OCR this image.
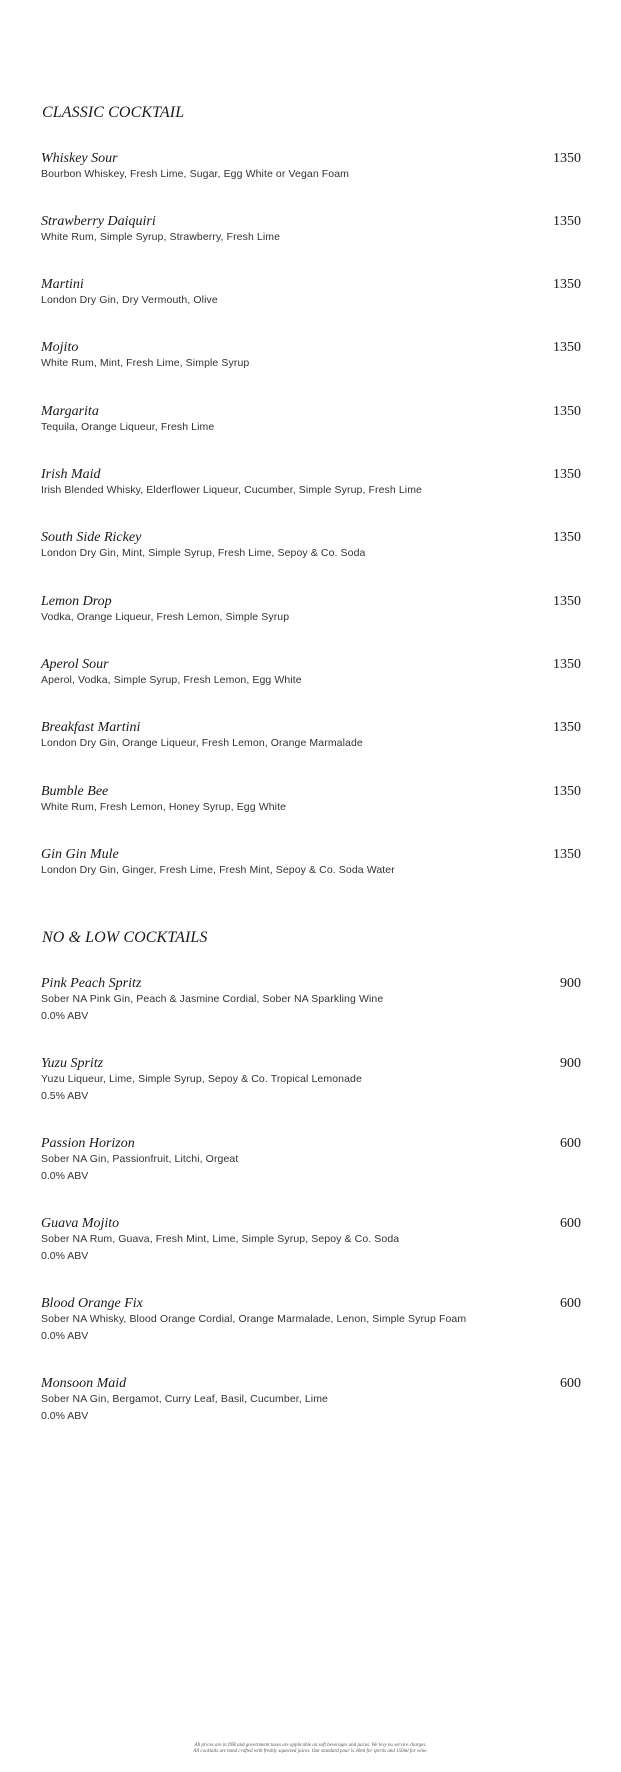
CLASSIC COCKTAIL
Whiskey Sour	1350
Bourbon Whiskey, Fresh Lime, Sugar, Egg White or Vegan Foam
Strawberry Daiquiri	1350
White Rum, Simple Syrup, Strawberry, Fresh Lime
Martini	1350
London Dry Gin, Dry Vermouth, Olive
Mojito	1350
White Rum, Mint, Fresh Lime, Simple Syrup
Margarita	1350
Tequila, Orange Liqueur, Fresh Lime
Irish Maid	1350
Irish Blended Whisky, Elderflower Liqueur, Cucumber, Simple Syrup, Fresh Lime
South Side Rickey	1350
London Dry Gin, Mint, Simple Syrup, Fresh Lime, Sepoy & Co. Soda
Lemon Drop	1350
Vodka, Orange Liqueur, Fresh Lemon, Simple Syrup
Aperol Sour	1350
Aperol, Vodka, Simple Syrup, Fresh Lemon, Egg White
Breakfast Martini	1350
London Dry Gin, Orange Liqueur, Fresh Lemon, Orange Marmalade
Bumble Bee	1350
White Rum, Fresh Lemon, Honey Syrup, Egg White
Gin Gin Mule	1350
London Dry Gin, Ginger, Fresh Lime, Fresh Mint, Sepoy & Co. Soda Water
NO & LOW COCKTAILS
Pink Peach Spritz	900
Sober NA Pink Gin, Peach & Jasmine Cordial, Sober NA Sparkling Wine
0.0% ABV
Yuzu Spritz	900
Yuzu Liqueur, Lime, Simple Syrup, Sepoy & Co. Tropical Lemonade
0.5% ABV
Passion Horizon	600
Sober NA Gin, Passionfruit, Litchi, Orgeat
0.0% ABV
Guava Mojito	600
Sober NA Rum, Guava, Fresh Mint, Lime, Simple Syrup, Sepoy & Co. Soda
0.0% ABV
Blood Orange Fix	600
Sober NA Whisky, Blood Orange Cordial, Orange Marmalade, Lenon, Simple Syrup Foam
0.0% ABV
Monsoon Maid	600
Sober NA Gin, Bergamot, Curry Leaf, Basil, Cucumber, Lime
0.0% ABV
All prices are in INR and government taxes are applicable on soft beverages and juices. We levy no service charges.
All cocktails are hand crafted with freshly squeezed juices. Our standard pour is 30ml for spirits and 150ml for wine.
